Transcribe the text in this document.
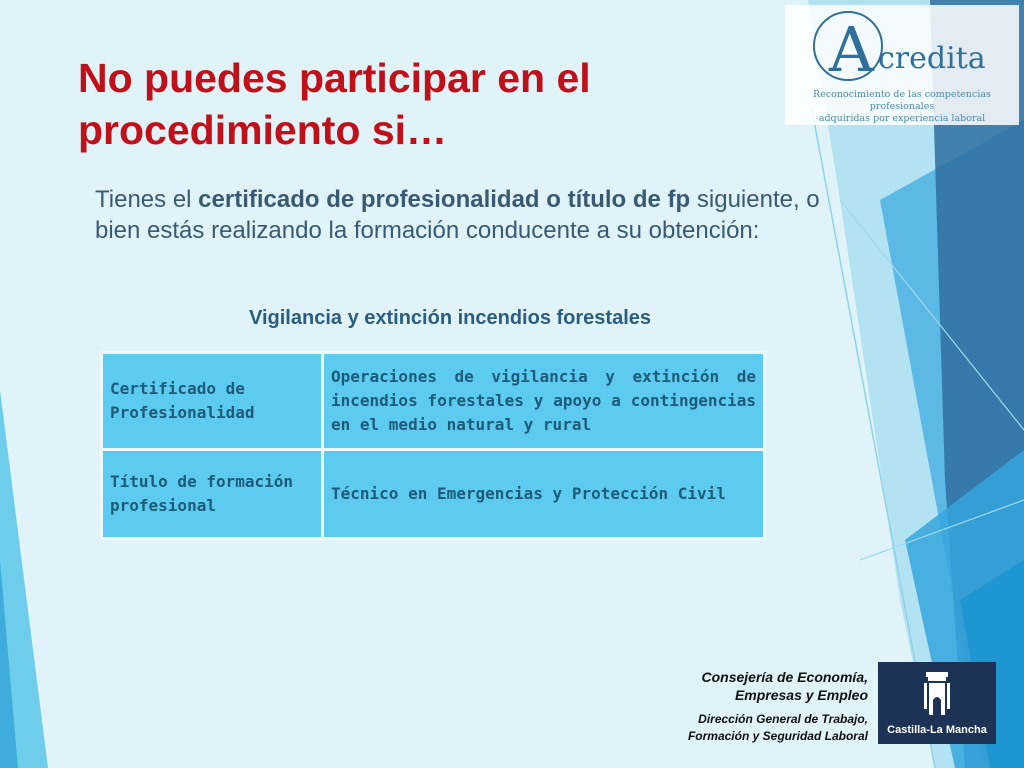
No puedes participar en el
procedimiento si…

Tienes el certificado de profesionalidad o título de fp siguiente, o bien estás realizando la formación conducente a su obtención:

Vigilancia y extinción incendios forestales
Certificado de Profesionalidad	Operaciones de vigilancia y extinción de incendios forestales y apoyo a contingencias en el medio natural y rural
Título de formación profesional	Técnico en Emergencias y Protección Civil
A credita
Reconocimiento de las competencias profesionales
adquiridas por experiencia laboral
Consejería de Economía,
Empresas y Empleo
Dirección General de Trabajo,
Formación y Seguridad Laboral	Castilla-La Mancha
